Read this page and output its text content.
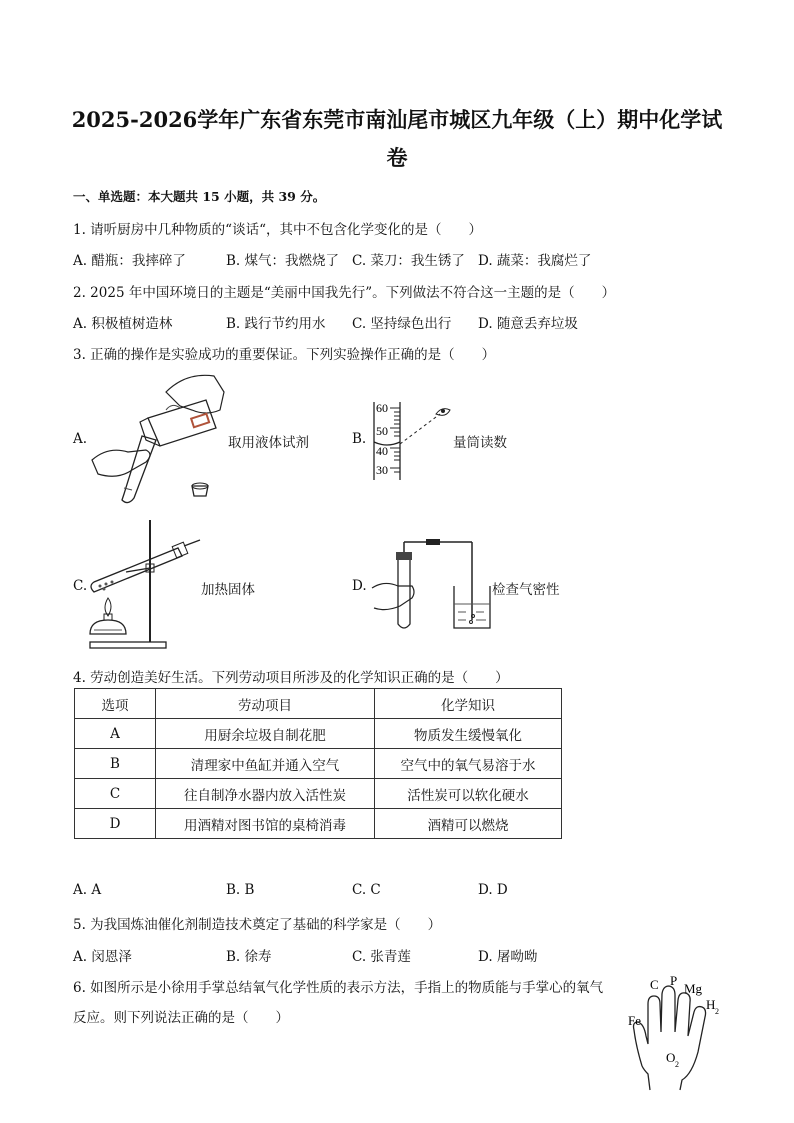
2025-2026学年广东省东莞市南汕尾市城区九年级（上）期中化学试
卷
一、单选题：本大题共 15 小题，共 39 分。
1. 请听厨房中几种物质的“谈话“，其中不包含化学变化的是（　　）
A. 醋瓶：我摔碎了	B. 煤气：我燃烧了 C. 菜刀：我生锈了 D. 蔬菜：我腐烂了
2. 2025 年中国环境日的主题是“美丽中国我先行”。下列做法不符合这一主题的是（　　）
A. 积极植树造林	B. 践行节约用水 C. 坚持绿色出行 D. 随意丢弃垃圾
3. 正确的操作是实验成功的重要保证。下列实验操作正确的是（　　）
A.	取用液体试剂	B.
60
50
40
30
量筒读数
C.	加热固体	D.	检查气密性
4. 劳动创造美好生活。下列劳动项目所涉及的化学知识正确的是（　　）
选项	劳动项目	化学知识
A	用厨余垃圾自制花肥	物质发生缓慢氧化
B	清理家中鱼缸并通入空气	空气中的氧气易溶于水
C	往自制净水器内放入活性炭	活性炭可以软化硬水
D	用酒精对图书馆的桌椅消毒	酒精可以燃烧
A. A	B. B	C. C	D. D
5. 为我国炼油催化剂制造技术奠定了基础的科学家是（　　）
A. 闵恩泽	B. 徐寿	C. 张青莲	D. 屠呦呦
6. 如图所示是小徐用手掌总结氧气化学性质的表示方法，手指上的物质能与手掌心的氧气
反应。则下列说法正确的是（　　）	Fe
C P
Mg
H 2
O 2
